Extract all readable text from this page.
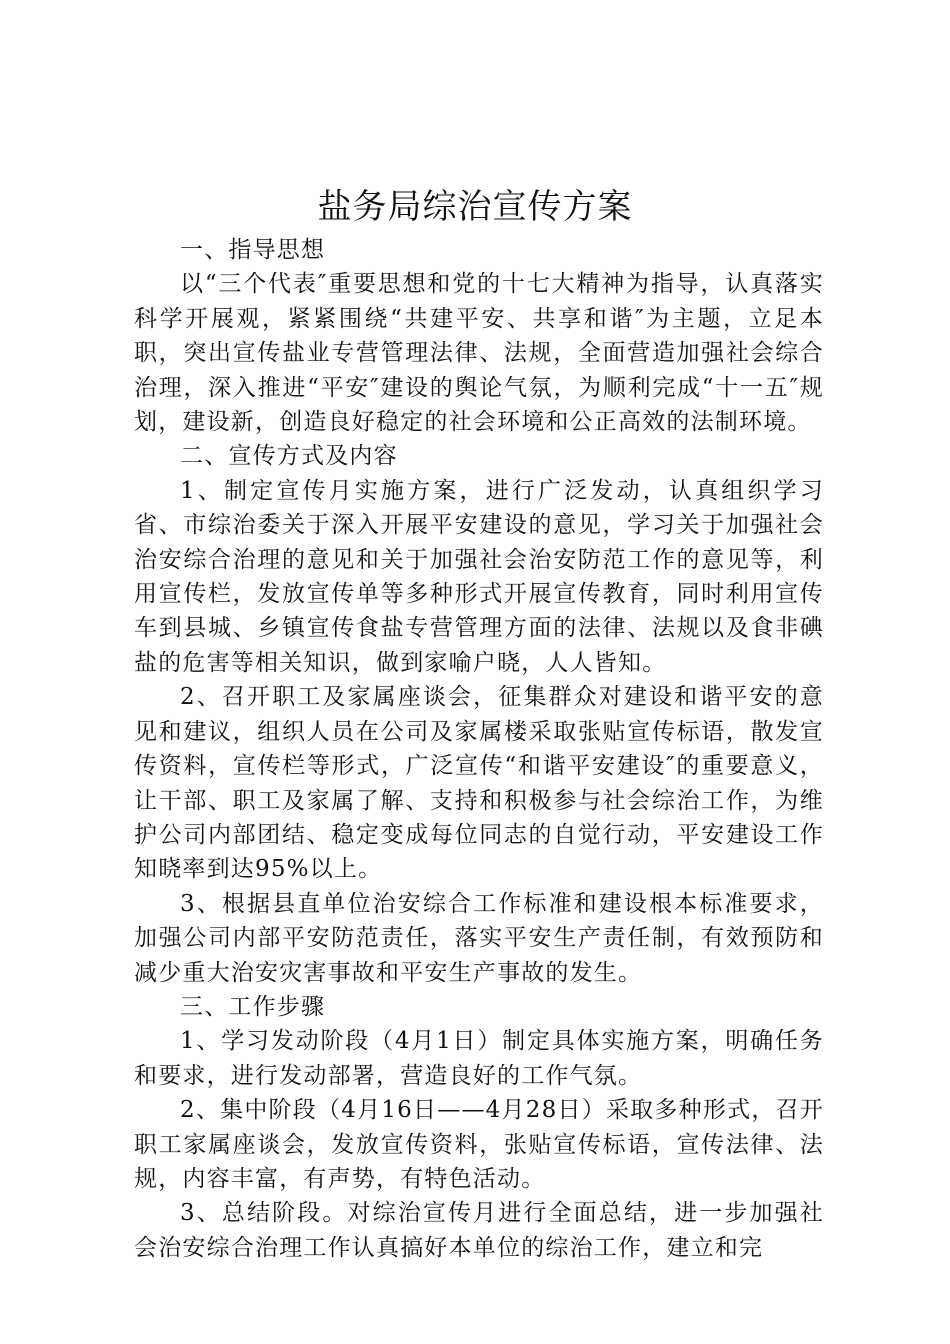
盐务局综治宣传方案

一、指导思想

以“三个代表″重要思想和党的十七大精神为指导，认真落实科学开展观，紧紧围绕“共建平安、共享和谐″为主题，立足本职，突出宣传盐业专营管理法律、法规，全面营造加强社会综合治理，深入推进“平安″建设的舆论气氛，为顺利完成“十一五″规划，建设新，创造良好稳定的社会环境和公正高效的法制环境。

二、宣传方式及内容

1、制定宣传月实施方案，进行广泛发动，认真组织学习省、市综治委关于深入开展平安建设的意见，学习关于加强社会治安综合治理的意见和关于加强社会治安防范工作的意见等，利用宣传栏，发放宣传单等多种形式开展宣传教育，同时利用宣传车到县城、乡镇宣传食盐专营管理方面的法律、法规以及食非碘盐的危害等相关知识，做到家喻户晓，人人皆知。

2、召开职工及家属座谈会，征集群众对建设和谐平安的意见和建议，组织人员在公司及家属楼采取张贴宣传标语，散发宣传资料，宣传栏等形式，广泛宣传“和谐平安建设″的重要意义，让干部、职工及家属了解、支持和积极参与社会综治工作，为维护公司内部团结、稳定变成每位同志的自觉行动，平安建设工作知晓率到达95%以上。

3、根据县直单位治安综合工作标准和建设根本标准要求，加强公司内部平安防范责任，落实平安生产责任制，有效预防和减少重大治安灾害事故和平安生产事故的发生。

三、工作步骤

1、学习发动阶段（4月1日）制定具体实施方案，明确任务和要求，进行发动部署，营造良好的工作气氛。

2、集中阶段（4月16日——4月28日）采取多种形式，召开职工家属座谈会，发放宣传资料，张贴宣传标语，宣传法律、法规，内容丰富，有声势，有特色活动。

3、总结阶段。对综治宣传月进行全面总结，进一步加强社会治安综合治理工作认真搞好本单位的综治工作，建立和完
